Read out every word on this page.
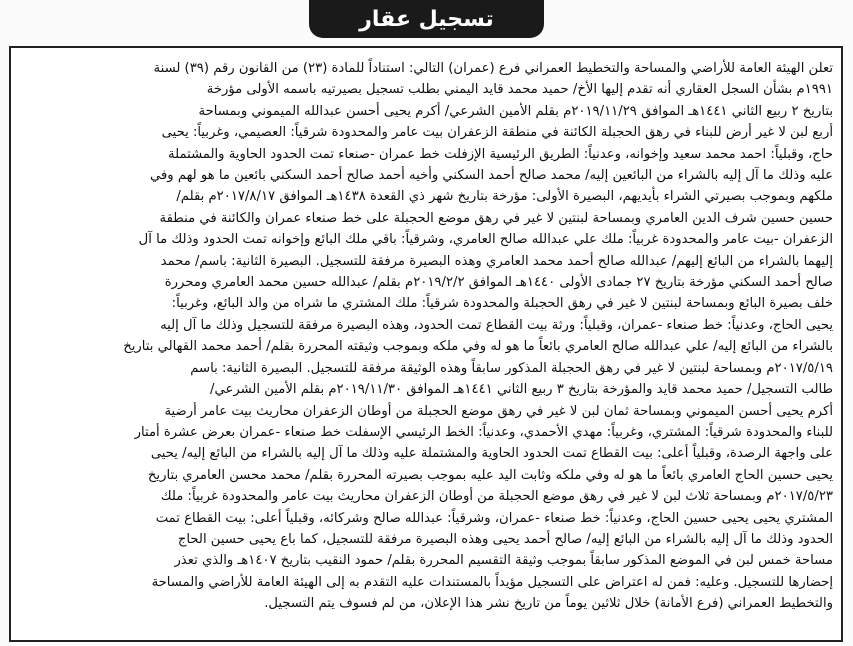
تسجيل عقار
تعلن الهيئة العامة للأراضي والمساحة والتخطيط العمراني فرع (عمران) التالي: استناداً للمادة (٢٣) من القانون رقم (٣٩) لسنة
١٩٩١م بشأن السجل العقاري أنه تقدم إليها الأخ/ حميد محمد قايد اليمني بطلب تسجيل بصيرتيه باسمه الأولى مؤرخة
بتاريخ ٢ ربيع الثاني ١٤٤١هـ الموافق ٢٠١٩/١١/٢٩م بقلم الأمين الشرعي/ أكرم يحيى أحسن عبدالله الميموني وبمساحة
أربع لبن لا غير أرض للبناء في رهق الحجبلة الكائنة في منطقة الزعفران بيت عامر والمحدودة شرقياً: العصيمي، وغربياً: يحيى
حاج، وقبلياً: احمد محمد سعيد وإخوانه، وعدنياً: الطريق الرئيسية الإزفلت خط عمران -صنعاء تمت الحدود الحاوية والمشتملة
عليه وذلك ما آل إليه بالشراء من البائعين إليه/ محمد صالح أحمد السكني وأخيه أحمد صالح أحمد السكني بائعين ما هو لهم وفي
ملكهم وبموجب بصيرتي الشراء بأيديهم، البصيرة الأولى: مؤرخة بتاريخ شهر ذي القعدة ١٤٣٨هـ الموافق ٢٠١٧/٨/١٧م بقلم/
حسين حسين شرف الدين العامري وبمساحة لبنتين لا غير في رهق موضع الحجبلة على خط صنعاء عمران والكائنة في منطقة
الزعفران -بيت عامر والمحدودة غربياً: ملك علي عبدالله صالح العامري، وشرقياً: باقي ملك البائع وإخوانه تمت الحدود وذلك ما آل
إليهما بالشراء من البائع إليهم/ عبدالله صالح أحمد محمد العامري وهذه البصيرة مرفقة للتسجيل. البصيرة الثانية: باسم/ محمد
صالح أحمد السكني مؤرخة بتاريخ ٢٧ جمادى الأولى ١٤٤٠هـ الموافق ٢٠١٩/٢/٢م بقلم/ عبدالله حسين محمد العامري ومحررة
خلف بصيرة البائع وبمساحة لبنتين لا غير في رهق الحجبلة والمحدودة شرقياً: ملك المشتري ما شراه من والد البائع، وغربياً:
يحيى الحاج، وعدنياً: خط صنعاء -عمران، وقبلياً: ورثة بيت القطاع تمت الحدود، وهذه البصيرة مرفقة للتسجيل وذلك ما آل إليه
بالشراء من البائع إليه/ علي عبدالله صالح العامري بائعاً ما هو له وفي ملكه وبموجب وثيقته المحررة بقلم/ أحمد محمد القهالي بتاريخ
٢٠١٧/٥/١٩م وبمساحة لبنتين لا غير في رهق الحجبلة المذكور سابقاً وهذه الوثيقة مرفقة للتسجيل. البصيرة الثانية: باسم
طالب التسجيل/ حميد محمد قايد والمؤرخة بتاريخ ٣ ربيع الثاني ١٤٤١هـ الموافق ٢٠١٩/١١/٣٠م بقلم الأمين الشرعي/
أكرم يحيى أحسن الميموني وبمساحة ثمان لبن لا غير في رهق موضع الحجبلة من أوطان الزعفران محاريث بيت عامر أرضية
للبناء والمحدودة شرقياً: المشتري، وغربياً: مهدي الأحمدي، وعدنياً: الخط الرئيسي الإسفلت خط صنعاء -عمران بعرض عشرة أمتار
على واجهة الرصدة، وقبلياً أعلى: بيت القطاع تمت الحدود الحاوية والمشتملة عليه وذلك ما آل إليه بالشراء من البائع إليه/ يحيى
يحيى حسين الحاج العامري بائعاً ما هو له وفي ملكه وثابت اليد عليه بموجب بصيرته المحررة بقلم/ محمد محسن العامري بتاريخ
٢٠١٧/٥/٢٣م وبمساحة ثلاث لبن لا غير في رهق موضع الحجبلة من أوطان الزعفران محاريث بيت عامر والمحدودة غربياً: ملك
المشتري يحيى يحيى حسين الحاج، وعدنياً: خط صنعاء -عمران، وشرقياً: عبدالله صالح وشركائه، وقبلياً أعلى: بيت القطاع تمت
الحدود وذلك ما آل إليه بالشراء من البائع إليه/ صالح أحمد يحيى وهذه البصيرة مرفقة للتسجيل، كما باع يحيى حسين الحاج
مساحة خمس لبن في الموضع المذكور سابقاً بموجب وثيقة التقسيم المحررة بقلم/ حمود النقيب بتاريخ ١٤٠٧هـ والذي تعذر
إحضارها للتسجيل. وعليه: فمن له اعتراض على التسجيل مؤيداً بالمستندات عليه التقدم به إلى الهيئة العامة للأراضي والمساحة
والتخطيط العمراني (فرع الأمانة) خلال ثلاثين يوماً من تاريخ نشر هذا الإعلان، من لم فسوف يتم التسجيل.
